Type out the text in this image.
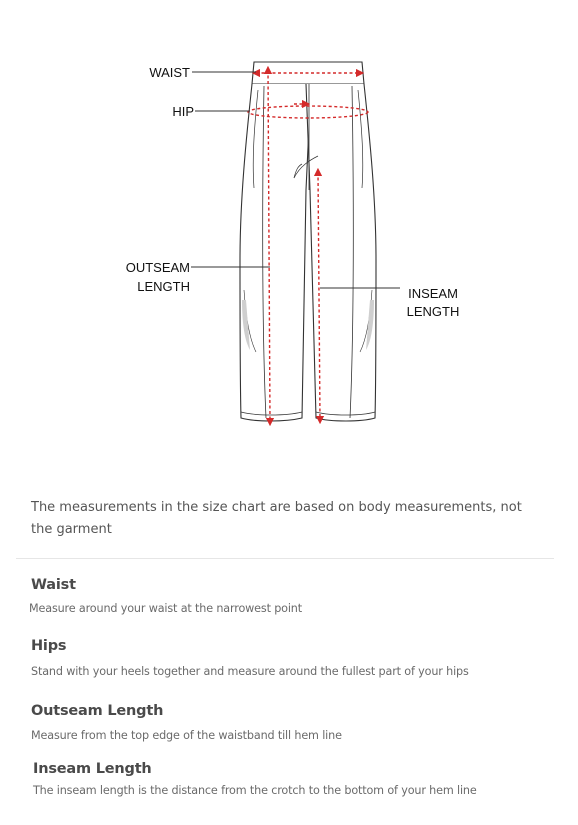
WAIST
HIP
OUTSEAM
LENGTH	INSEAM
LENGTH

The measurements in the size chart are based on body measurements, not the garment

Waist
Measure around your waist at the narrowest point
Hips
Stand with your heels together and measure around the fullest part of your hips
Outseam Length
Measure from the top edge of the waistband till hem line
Inseam Length
The inseam length is the distance from the crotch to the bottom of your hem line
